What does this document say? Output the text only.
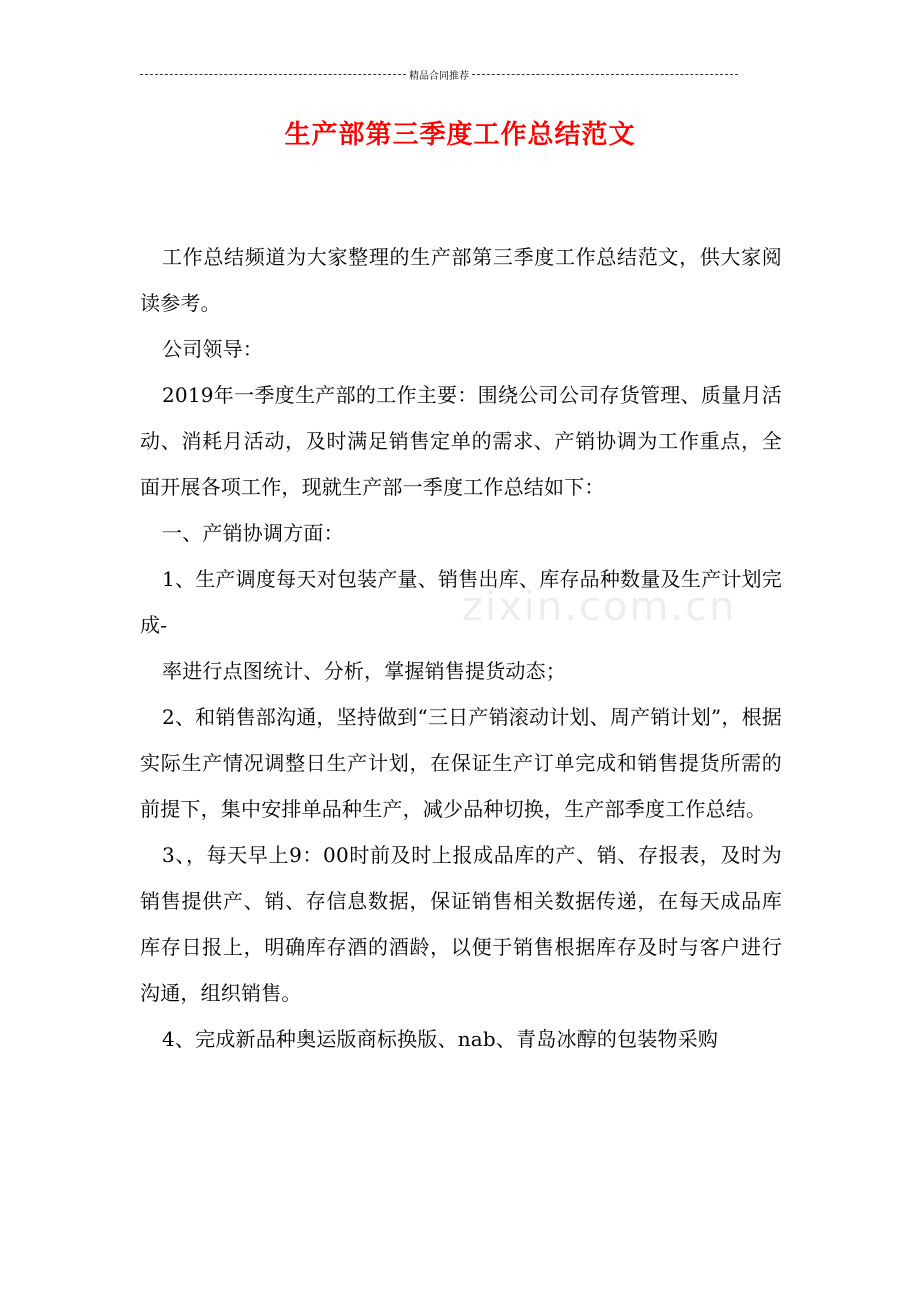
精品合同推荐
生产部第三季度工作总结范文
zixin.com.cn

工作总结频道为大家整理的生产部第三季度工作总结范文，供大家阅读参考。

公司领导：

2019年一季度生产部的工作主要：围绕公司公司存货管理、质量月活动、消耗月活动，及时满足销售定单的需求、产销协调为工作重点，全面开展各项工作，现就生产部一季度工作总结如下：

一、产销协调方面：

1、生产调度每天对包装产量、销售出库、库存品种数量及生产计划完成-

率进行点图统计、分析，掌握销售提货动态；

2、和销售部沟通，坚持做到“三日产销滚动计划、周产销计划”，根据实际生产情况调整日生产计划，在保证生产订单完成和销售提货所需的前提下，集中安排单品种生产，减少品种切换，生产部季度工作总结。

3、，每天早上9：00时前及时上报成品库的产、销、存报表，及时为销售提供产、销、存信息数据，保证销售相关数据传递，在每天成品库库存日报上，明确库存酒的酒龄，以便于销售根据库存及时与客户进行沟通，组织销售。

4、完成新品种奥运版商标换版、nab、青岛冰醇的包装物采购
